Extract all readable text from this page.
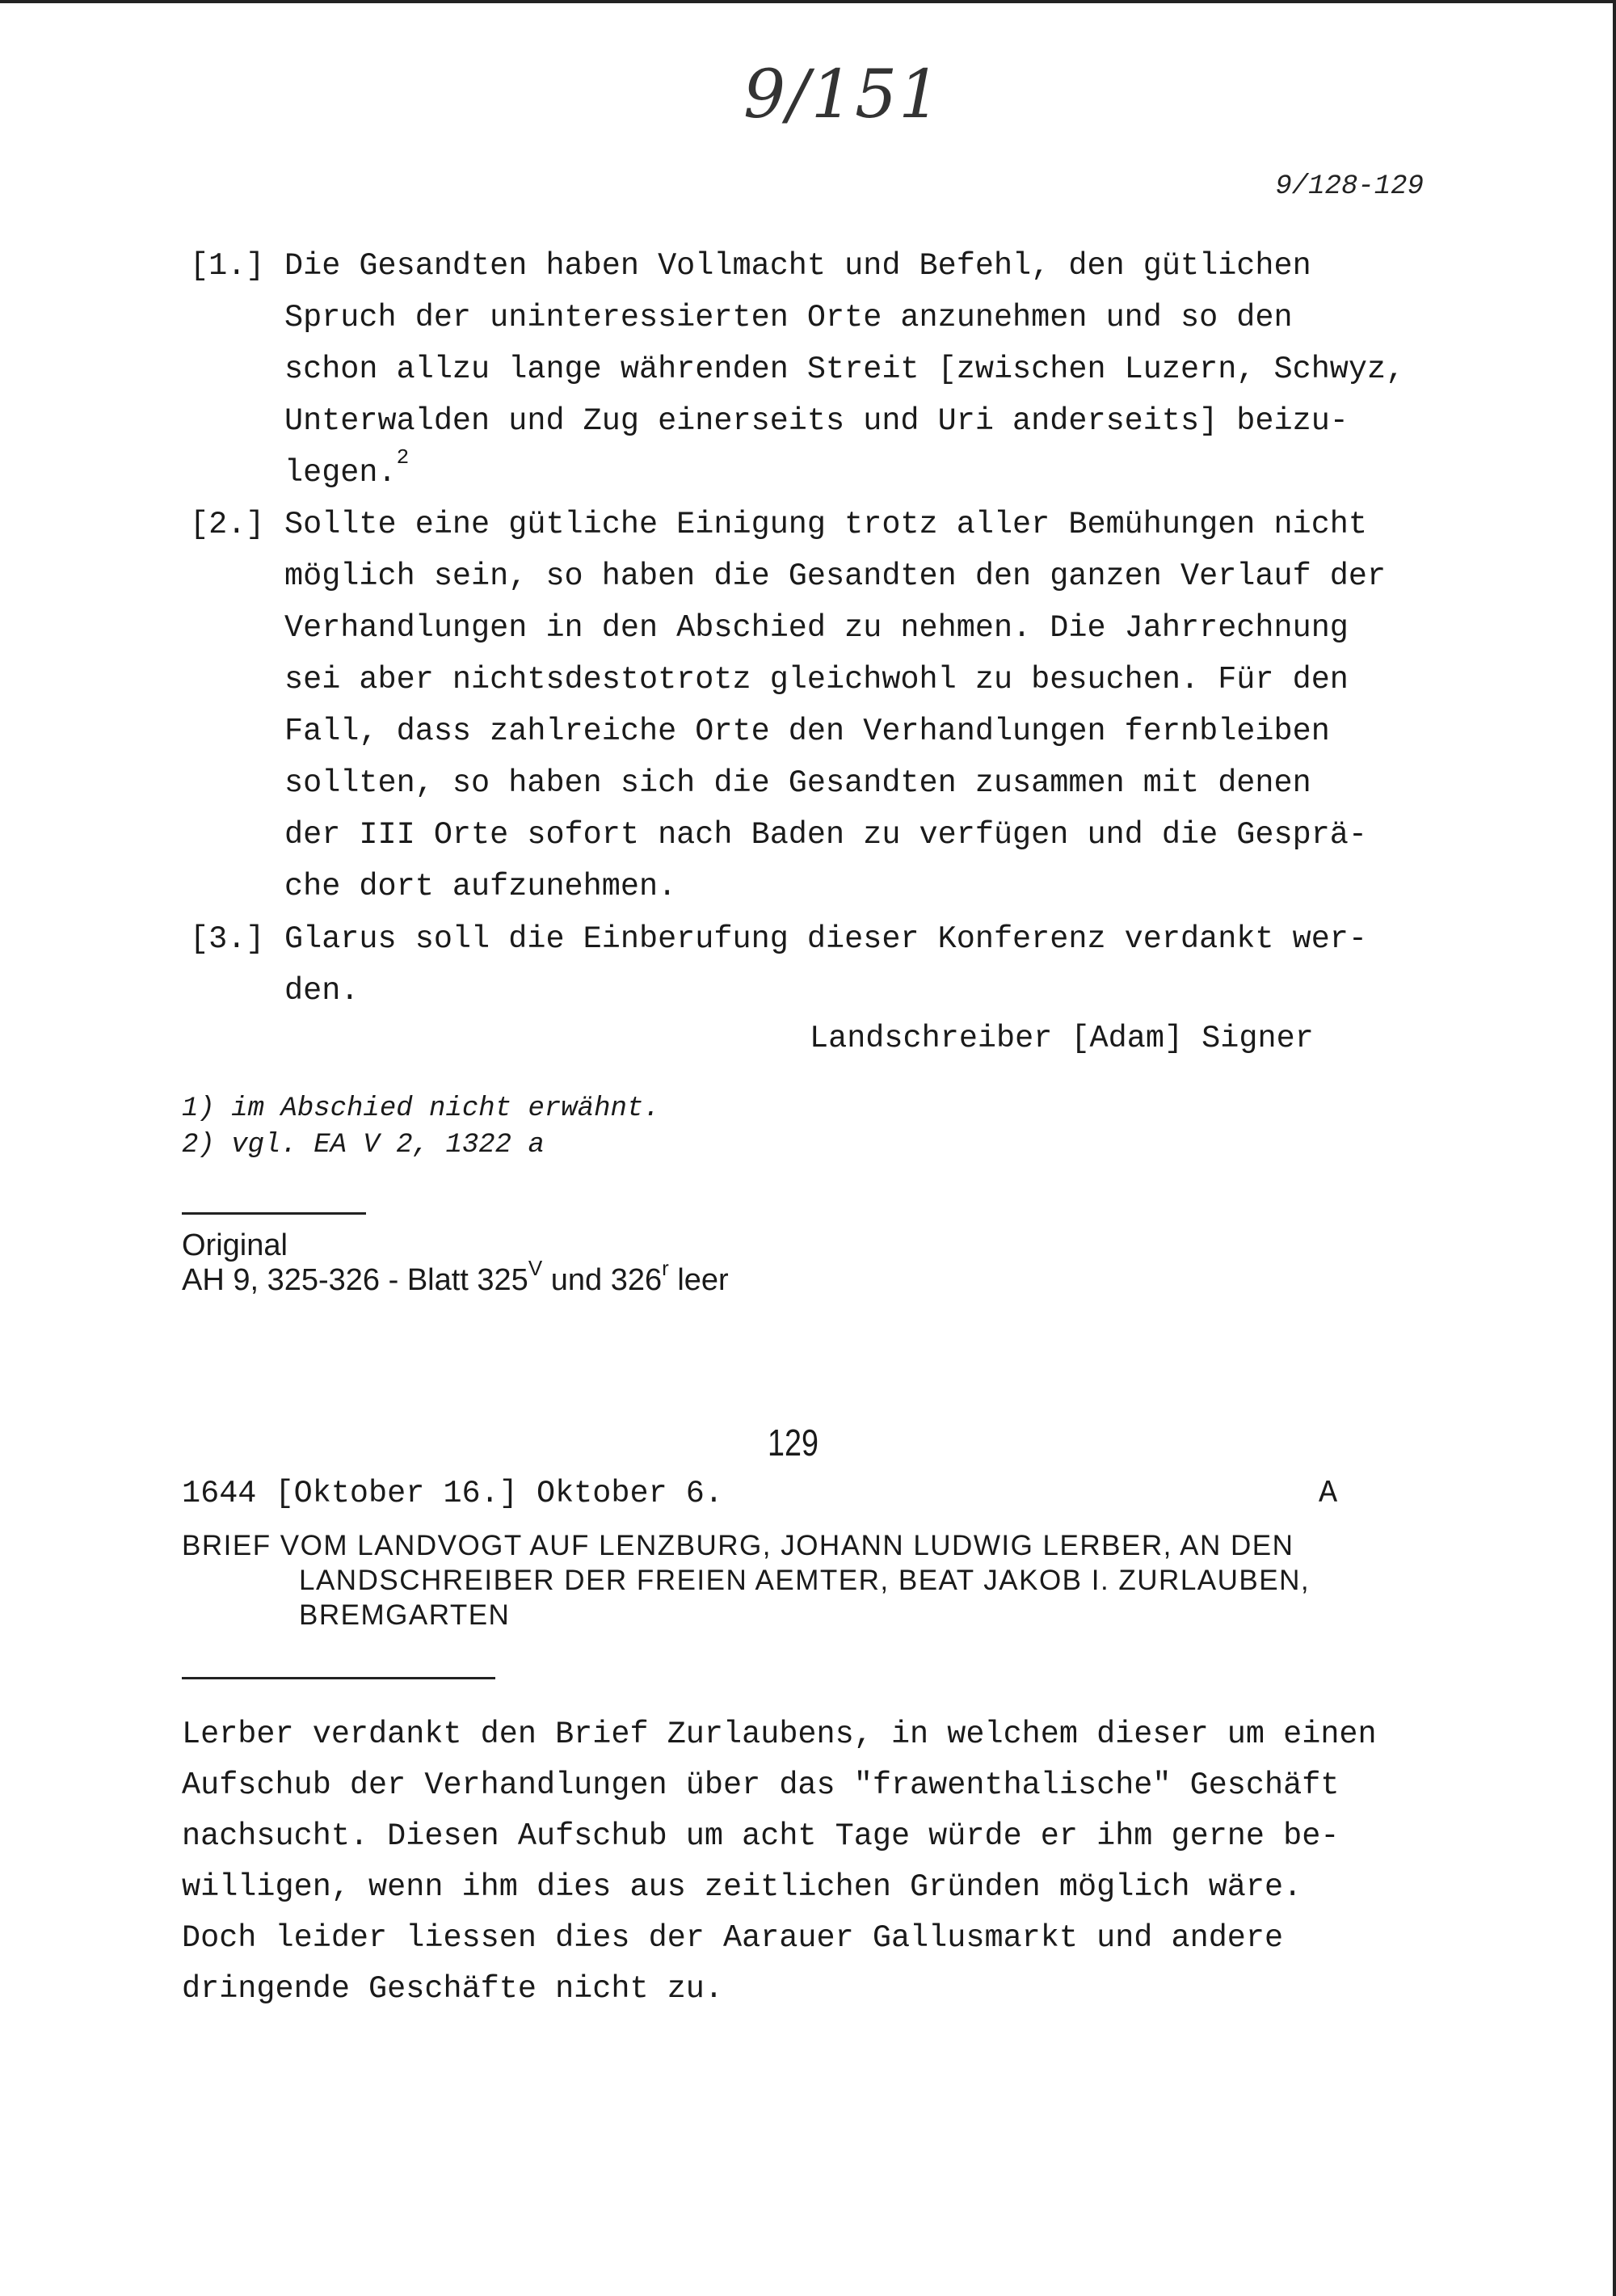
9/151
9/128-129
[1.] Die Gesandten haben Vollmacht und Befehl, den gütlichen
Spruch der uninteressierten Orte anzunehmen und so den
schon allzu lange währenden Streit [zwischen Luzern, Schwyz,
Unterwalden und Zug einerseits und Uri anderseits] beizu-
legen.$^2$
[2.] Sollte eine gütliche Einigung trotz aller Bemühungen nicht
möglich sein, so haben die Gesandten den ganzen Verlauf der
Verhandlungen in den Abschied zu nehmen. Die Jahrrechnung
sei aber nichtsdestotrotz gleichwohl zu besuchen. Für den
Fall, dass zahlreiche Orte den Verhandlungen fernbleiben
sollten, so haben sich die Gesandten zusammen mit denen
der III Orte sofort nach Baden zu verfügen und die Gesprä-
che dort aufzunehmen.
[3.] Glarus soll die Einberufung dieser Konferenz verdankt wer-
den.
Landschreiber [Adam] Signer
1) im Abschied nicht erwähnt.
2) vgl. EA V 2, 1322 a
Original
AH 9, 325-326 - Blatt $325^V$ und 326$^r$ leer
129
1644 [Oktober 16.] Oktober 6.	A
BRIEF VOM LANDVOGT AUF LENZBURG, JOHANN LUDWIG LERBER, AN DEN
LANDSCHREIBER DER FREIEN AEMTER, BEAT JAKOB I. ZURLAUBEN,
BREMGARTEN
Lerber verdankt den Brief Zurlaubens, in welchem dieser um einen
Aufschub der Verhandlungen über das "frawenthalische" Geschäft
nachsucht. Diesen Aufschub um acht Tage würde er ihm gerne be-
willigen, wenn ihm dies aus zeitlichen Gründen möglich wäre.
Doch leider liessen dies der Aarauer Gallusmarkt und andere
dringende Geschäfte nicht zu.
